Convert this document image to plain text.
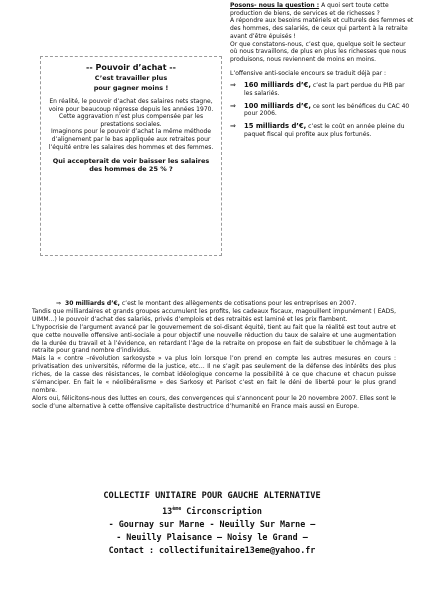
-- Pouvoir d’achat --
C’est travailler plus
pour gagner moins !
En réalité, le pouvoir d’achat des salaires nets stagne, voire pour beaucoup régresse depuis les années 1970.
Cette aggravation n’est plus compensée par les prestations sociales.
Imaginons pour le pouvoir d’achat la même méthode d’alignement par le bas appliquée aux retraites pour l’équité entre les salaires des hommes et des femmes.
Qui accepterait de voir baisser les salaires des hommes de 25 % ?

Posons- nous la question : A quoi sert toute cette production de biens, de services et de richesses ?

A répondre aux besoins matériels et culturels des femmes et des hommes, des salariés, de ceux qui partent à la retraite avant d’être épuisés !

Or que constatons-nous, c’est que, quelque soit le secteur où nous travaillons, de plus en plus les richesses que nous produisons, nous reviennent de moins en moins.

L’offensive anti-sociale encours se traduit déjà par :

⇒ 160 milliards d’€, c’est la part perdue du PIB par les salariés.
⇒ 100 milliards d’€, ce sont les bénéfices du CAC 40 pour 2006.
⇒ 15 milliards d’€, c’est le coût en année pleine du paquet fiscal qui profite aux plus fortunés.

⇒ 30 milliards d’€, c’est le montant des allègements de cotisations pour les entreprises en 2007.

Tandis que milliardaires et grands groupes accumulent les profits, les cadeaux fiscaux, magouillent impunément ( EADS, UIMM…) le pouvoir d’achat des salariés, privés d’emplois et des retraités est laminé et les prix flambent.

L’hypocrisie de l’argument avancé par le gouvernement de soi-disant équité, tient au fait que la réalité est tout autre et que cette nouvelle offensive anti-sociale a pour objectif une nouvelle réduction du taux de salaire et une augmentation de la durée du travail et à l’évidence, en retardant l’âge de la retraite on propose en fait de substituer le chômage à la retraite pour grand nombre d’individus.

Mais la « contre –révolution sarkosyste » va plus loin lorsque l’on prend en compte les autres mesures en cours : privatisation des universités, réforme de la justice, etc… Il ne s’agit pas seulement de la défense des intérêts des plus riches, de la casse des résistances, le combat idéologique concerne la possibilité à ce que chacune et chacun puisse s’émanciper. En fait le « néolibéralisme » des Sarkosy et Parisot c’est en fait le déni de liberté pour le plus grand nombre.

Alors oui, félicitons-nous des luttes en cours, des convergences qui s’annoncent pour le 20 novembre 2007. Elles sont le socle d’une alternative à cette offensive capitaliste destructrice d’humanité en France mais aussi en Europe.

COLLECTIF UNITAIRE POUR GAUCHE ALTERNATIVE
13ème Circonscription
- Gournay sur Marne - Neuilly Sur Marne –
- Neuilly Plaisance – Noisy le Grand –
Contact : collectifunitaire13eme@yahoo.fr
